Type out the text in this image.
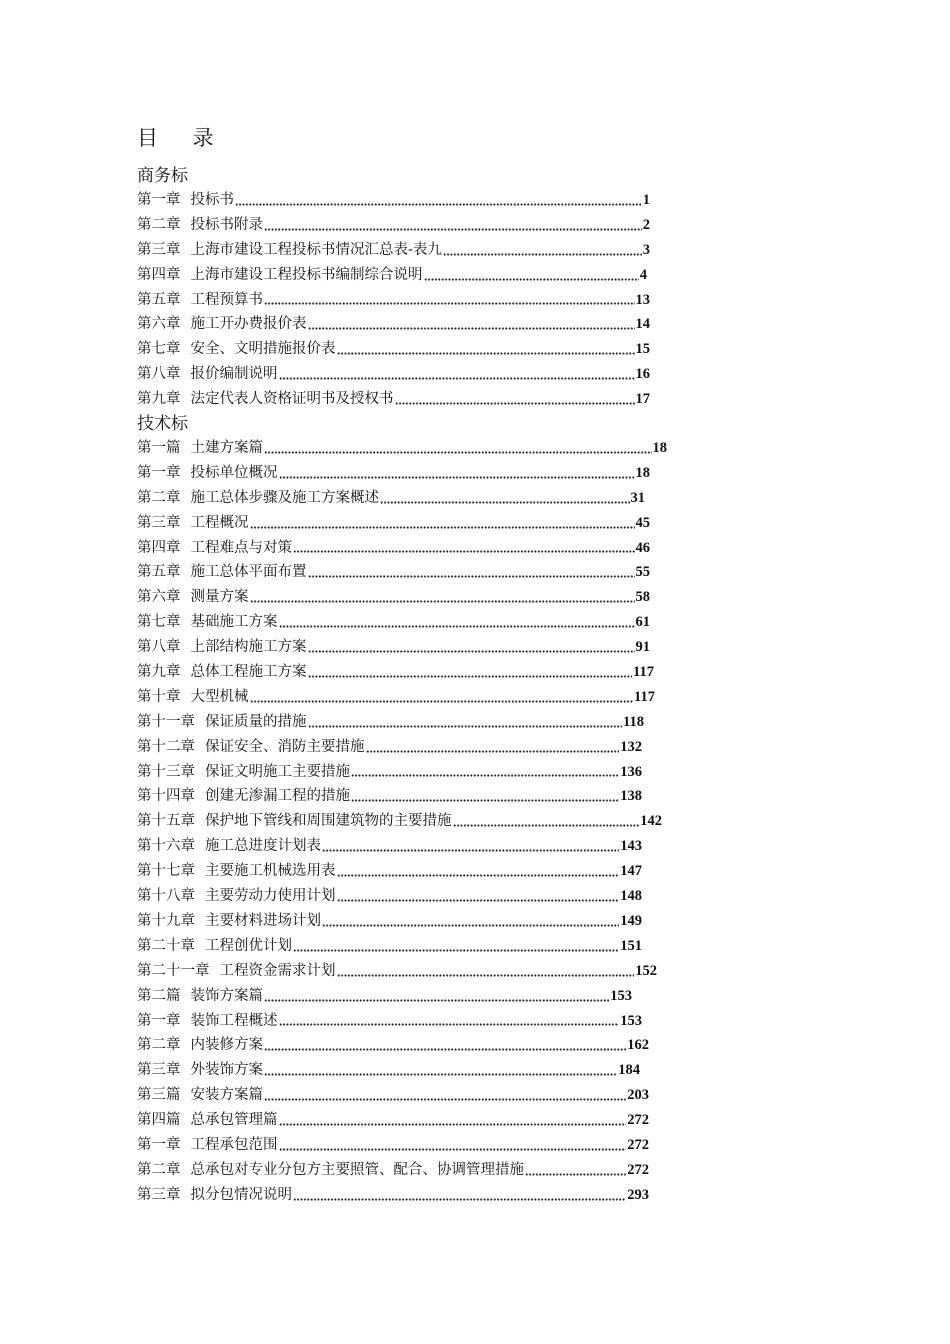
目 录
商务标
第一章 投标书	1
第二章 投标书附录	2
第三章 上海市建设工程投标书情况汇总表-表九	3
第四章 上海市建设工程投标书编制综合说明	4
第五章 工程预算书	13
第六章 施工开办费报价表	14
第七章 安全、文明措施报价表	15
第八章 报价编制说明	16
第九章 法定代表人资格证明书及授权书	17
技术标
第一篇 土建方案篇	18
第一章 投标单位概况	18
第二章 施工总体步骤及施工方案概述	31
第三章 工程概况	45
第四章 工程难点与对策	46
第五章 施工总体平面布置	55
第六章 测量方案	58
第七章 基础施工方案	61
第八章 上部结构施工方案	91
第九章 总体工程施工方案	117
第十章 大型机械	117
第十一章 保证质量的措施	118
第十二章 保证安全、消防主要措施	132
第十三章 保证文明施工主要措施	136
第十四章 创建无渗漏工程的措施	138
第十五章 保护地下管线和周围建筑物的主要措施	142
第十六章 施工总进度计划表	143
第十七章 主要施工机械选用表	147
第十八章 主要劳动力使用计划	148
第十九章 主要材料进场计划	149
第二十章 工程创优计划	151
第二十一章 工程资金需求计划	152
第二篇 装饰方案篇	153
第一章 装饰工程概述	153
第二章 内装修方案	162
第三章 外装饰方案	184
第三篇 安装方案篇	203
第四篇 总承包管理篇	272
第一章 工程承包范围	272
第二章 总承包对专业分包方主要照管、配合、协调管理措施	272
第三章 拟分包情况说明	293
